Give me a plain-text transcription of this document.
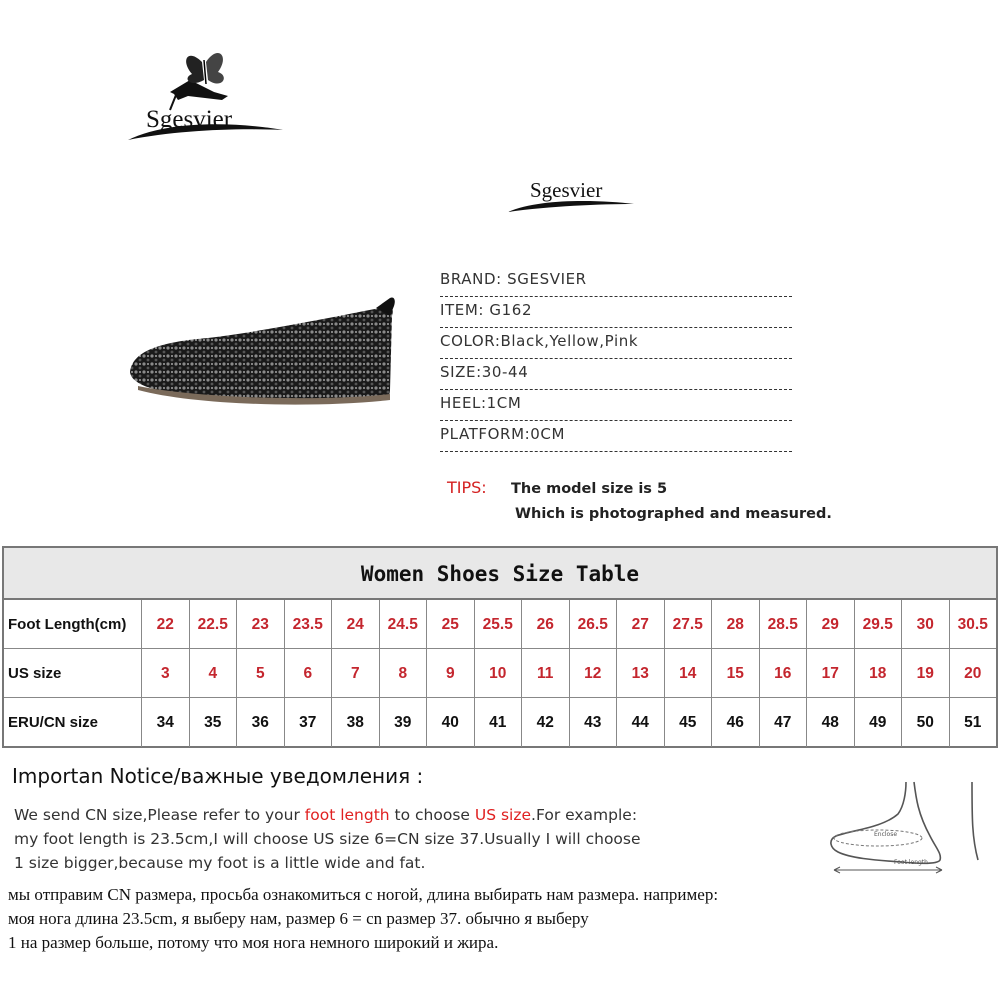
Sgesvier
Sgesvier
BRAND: SGESVIER
ITEM: G162
COLOR:Black,Yellow,Pink
SIZE:30-44
HEEL:1CM
PLATFORM:0CM
TIPS: The model size is 5
Which is photographed and measured.
Women Shoes Size Table
Foot Length(cm)	22	22.5	23	23.5	24	24.5	25	25.5	26	26.5	27	27.5	28	28.5	29	29.5	30	30.5
US size	3	4	5	6	7	8	9	10	11	12	13	14	15	16	17	18	19	20
ERU/CN size	34	35	36	37	38	39	40	41	42	43	44	45	46	47	48	49	50	51
Importan Notice/важные уведомления :
We send CN size,Please refer to your foot length to choose US size.For example:
my foot length is 23.5cm,I will choose US size 6=CN size 37.Usually I will choose
1 size bigger,because my foot is a little wide and fat.
мы отправим CN размера, просьба ознакомиться с ногой, длина выбирать нам размера. например:
моя нога длина 23.5cm, я выберу нам, размер 6 = cn размер 37. обычно я выберу
1 на размер больше, потому что моя нога немного широкий и жира.
Enclose
Foot length
